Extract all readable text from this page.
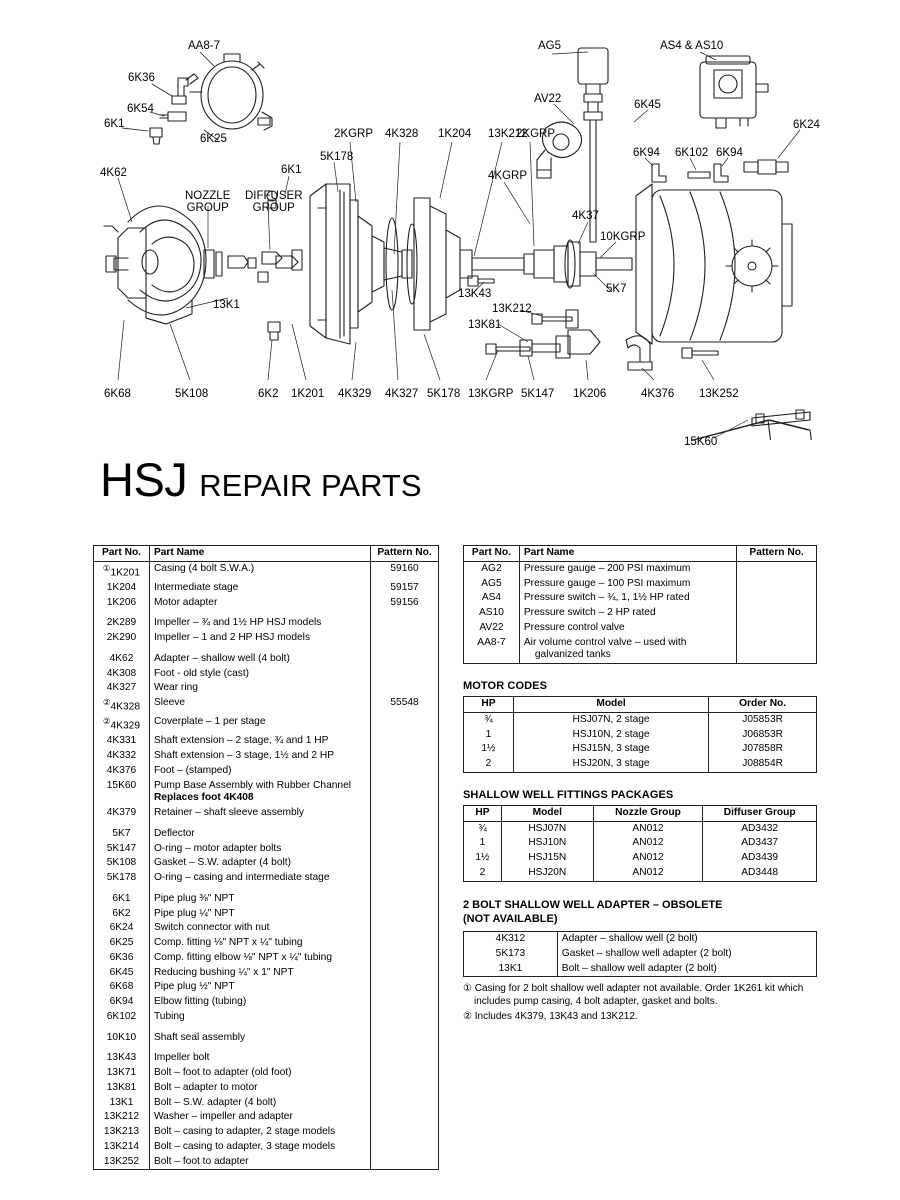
AA8-7
6K36
6K54
6K1
6K25
4K62
NOZZLE
GROUP
DIFFUSER
GROUP
6K1
5K178
2KGRP 4K328 1K204 13K212
2KGRP
4KGRP
AG5
AV22	6K45
AS4 & AS10
6K24
6K94 6K102 6K94
4K37
10KGRP
13K1
13K43
13K212
13K81
5K7
6K68	5K108	6K2 1K201 4K329 4K327 5K178 13KGRP 5K147 1K206	4K376 13K252
15K60
HSJ REPAIR PARTS
Part No.	Part Name	Pattern No.
①1K201	Casing (4 bolt S.W.A.)	59160
1K204	Intermediate stage	59157
1K206	Motor adapter	59156
2K289	Impeller – ¾ and 1½ HP HSJ models	
2K290	Impeller – 1 and 2 HP HSJ models	
4K62	Adapter – shallow well (4 bolt)	
4K308	Foot - old style (cast)	
4K327	Wear ring	
②4K328	Sleeve	55548
②4K329	Coverplate – 1 per stage	
4K331	Shaft extension – 2 stage, ¾ and 1 HP	
4K332	Shaft extension – 3 stage, 1½ and 2 HP	
4K376	Foot – (stamped)	
15K60	Pump Base Assembly with Rubber Channel
Replaces foot 4K408	

4K379	Retainer – shaft sleeve assembly	
5K7	Deflector	
5K147	O-ring – motor adapter bolts	
5K108	Gasket – S.W. adapter (4 bolt)	
5K178	O-ring – casing and intermediate stage	
6K1	Pipe plug ⅜" NPT	
6K2	Pipe plug ¼" NPT	
6K24	Switch connector with nut	
6K25	Comp. fitting ⅛" NPT x ¼" tubing	
6K36	Comp. fitting elbow ⅛" NPT x ¼" tubing	
6K45	Reducing bushing ¼" x 1" NPT	
6K68	Pipe plug ½" NPT	
6K94	Elbow fitting (tubing)	
6K102	Tubing	
10K10	Shaft seal assembly	
13K43	Impeller bolt	
13K71	Bolt – foot to adapter (old foot)	
13K81	Bolt – adapter to motor	
13K1	Bolt – S.W. adapter (4 bolt)	
13K212	Washer – impeller and adapter	
13K213	Bolt – casing to adapter, 2 stage models	
13K214	Bolt – casing to adapter, 3 stage models	
13K252	Bolt – foot to adapter	
Part No.	Part Name	Pattern No.
AG2	Pressure gauge – 200 PSI maximum	
AG5	Pressure gauge – 100 PSI maximum	
AS4	Pressure switch – ¾, 1, 1½ HP rated	
AS10	Pressure switch – 2 HP rated	
AV22	Pressure control valve	
AA8-7	Air volume control valve – used with
galvanized tanks	

MOTOR CODES
HP	Model	Order No.
¾	HSJ07N, 2 stage	J05853R
1	HSJ10N, 2 stage	J06853R
1½	HSJ15N, 3 stage	J07858R
2	HSJ20N, 3 stage	J08854R
SHALLOW WELL FITTINGS PACKAGES
HP	Model	Nozzle Group	Diffuser Group
¾	HSJ07N	AN012	AD3432
1	HSJ10N	AN012	AD3437
1½	HSJ15N	AN012	AD3439
2	HSJ20N	AN012	AD3448
2 BOLT SHALLOW WELL ADAPTER – OBSOLETE
(NOT AVAILABLE)
4K312	Adapter – shallow well (2 bolt)
5K173	Gasket – shallow well adapter (2 bolt)
13K1	Bolt – shallow well adapter (2 bolt)
① Casing for 2 bolt shallow well adapter not available. Order 1K261 kit which includes pump casing, 4 bolt adapter, gasket and bolts.
② Includes 4K379, 13K43 and 13K212.
